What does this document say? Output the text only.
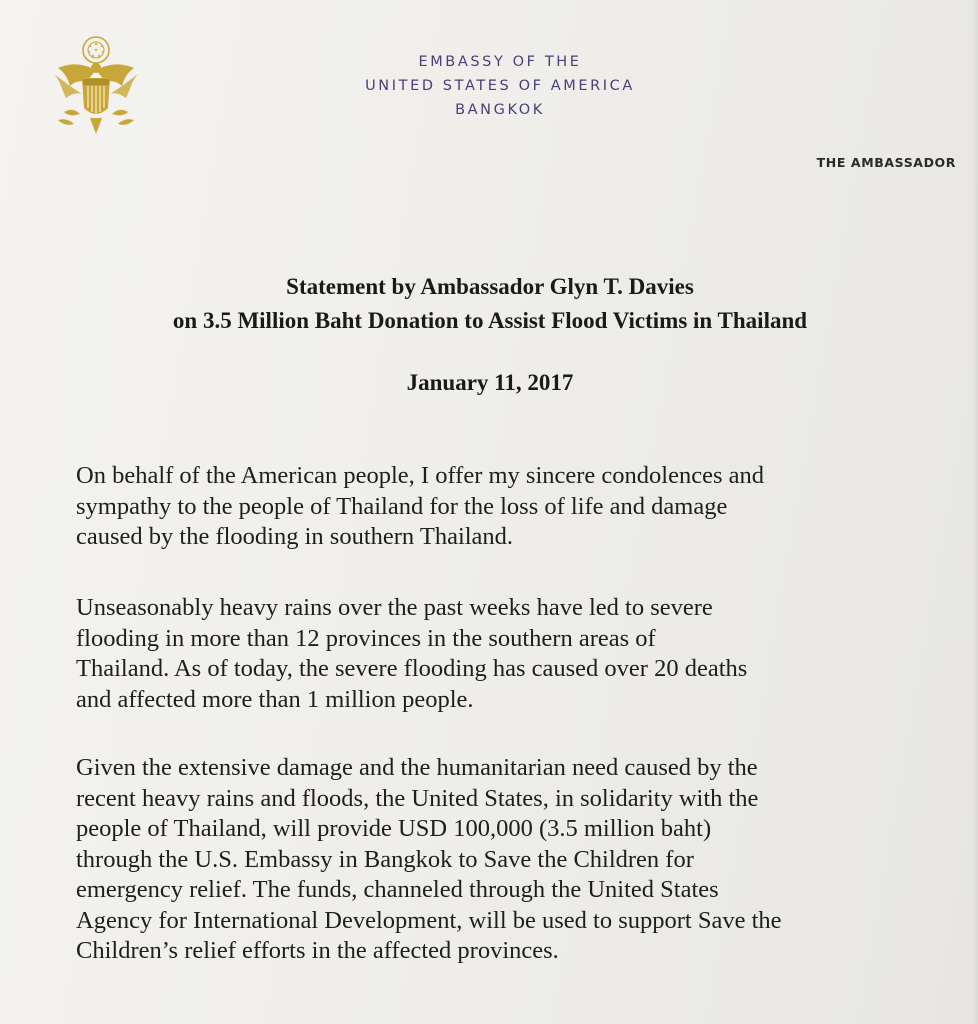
EMBASSY OF THE
UNITED STATES OF AMERICA
BANGKOK
THE AMBASSADOR
Statement by Ambassador Glyn T. Davies
on 3.5 Million Baht Donation to Assist Flood Victims in Thailand
January 11, 2017
On behalf of the American people, I offer my sincere condolences and
sympathy to the people of Thailand for the loss of life and damage
caused by the flooding in southern Thailand.
Unseasonably heavy rains over the past weeks have led to severe
flooding in more than 12 provinces in the southern areas of
Thailand. As of today, the severe flooding has caused over 20 deaths
and affected more than 1 million people.
Given the extensive damage and the humanitarian need caused by the
recent heavy rains and floods, the United States, in solidarity with the
people of Thailand, will provide USD 100,000 (3.5 million baht)
through the U.S. Embassy in Bangkok to Save the Children for
emergency relief. The funds, channeled through the United States
Agency for International Development, will be used to support Save the
Children’s relief efforts in the affected provinces.
